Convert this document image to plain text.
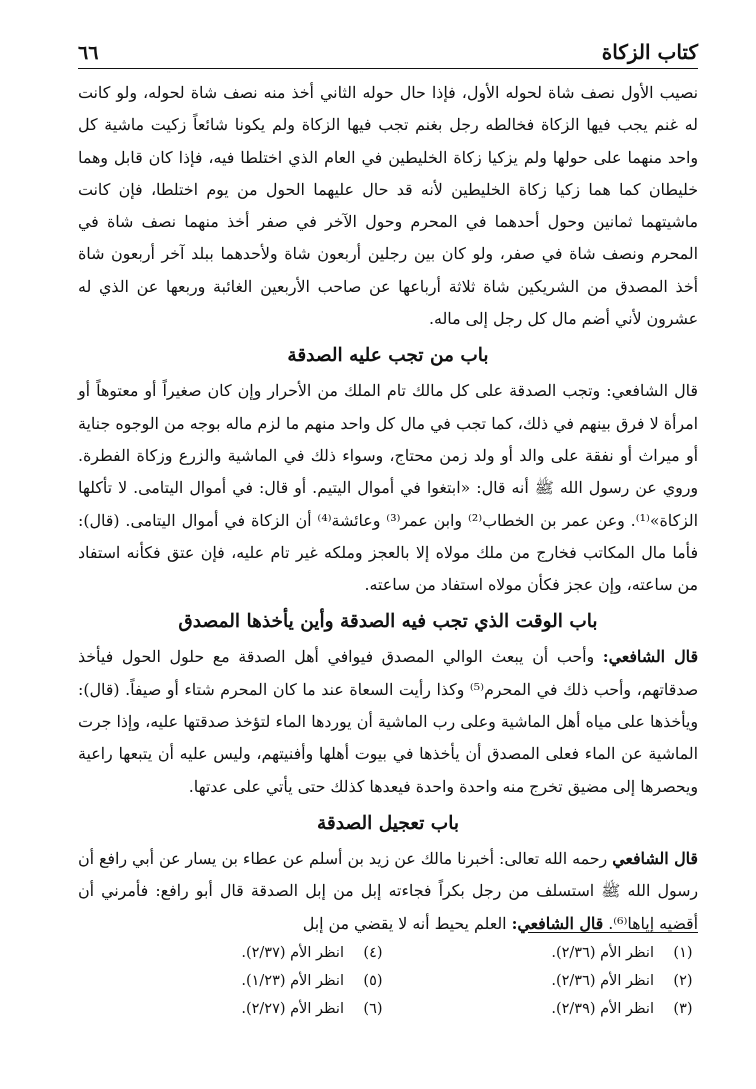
كتاب الزكاة
٦٦

نصيب الأول نصف شاة لحوله الأول، فإذا حال حوله الثاني أخذ منه نصف شاة لحوله، ولو كانت له غنم يجب فيها الزكاة فخالطه رجل بغنم تجب فيها الزكاة ولم يكونا شائعاً زكيت ماشية كل واحد منهما على حولها ولم يزكيا زكاة الخليطين في العام الذي اختلطا فيه، فإذا كان قابل وهما خليطان كما هما زكيا زكاة الخليطين لأنه قد حال عليهما الحول من يوم اختلطا، فإن كانت ماشيتهما ثمانين وحول أحدهما في المحرم وحول الآخر في صفر أخذ منهما نصف شاة في المحرم ونصف شاة في صفر، ولو كان بين رجلين أربعون شاة ولأحدهما ببلد آخر أربعون شاة أخذ المصدق من الشريكين شاة ثلاثة أرباعها عن صاحب الأربعين الغائبة وربعها عن الذي له عشرون لأني أضم مال كل رجل إلى ماله.

باب من تجب عليه الصدقة

قال الشافعي: وتجب الصدقة على كل مالك تام الملك من الأحرار وإن كان صغيراً أو معتوهاً أو امرأة لا فرق بينهم في ذلك، كما تجب في مال كل واحد منهم ما لزم ماله بوجه من الوجوه جناية أو ميراث أو نفقة على والد أو ولد زمن محتاج، وسواء ذلك في الماشية والزرع وزكاة الفطرة. وروي عن رسول الله ﷺ أنه قال: «ابتغوا في أموال اليتيم. أو قال: في أموال اليتامى. لا تأكلها الزكاة»⁽¹⁾. وعن عمر بن الخطاب⁽²⁾ وابن عمر⁽³⁾ وعائشة⁽⁴⁾ أن الزكاة في أموال اليتامى. (قال): فأما مال المكاتب فخارج من ملك مولاه إلا بالعجز وملكه غير تام عليه، فإن عتق فكأنه استفاد من ساعته، وإن عجز فكأن مولاه استفاد من ساعته.

باب الوقت الذي تجب فيه الصدقة وأين يأخذها المصدق

قال الشافعي: وأحب أن يبعث الوالي المصدق فيوافي أهل الصدقة مع حلول الحول فيأخذ صدقاتهم، وأحب ذلك في المحرم⁽⁵⁾ وكذا رأيت السعاة عند ما كان المحرم شتاء أو صيفاً. (قال): ويأخذها على مياه أهل الماشية وعلى رب الماشية أن يوردها الماء لتؤخذ صدقتها عليه، وإذا جرت الماشية عن الماء فعلى المصدق أن يأخذها في بيوت أهلها وأفنيتهم، وليس عليه أن يتبعها راعية ويحصرها إلى مضيق تخرج منه واحدة واحدة فيعدها كذلك حتى يأتي على عدتها.

باب تعجيل الصدقة

قال الشافعي رحمه الله تعالى: أخبرنا مالك عن زيد بن أسلم عن عطاء بن يسار عن أبي رافع أن رسول الله ﷺ استسلف من رجل بكراً فجاءته إبل من إبل الصدقة قال أبو رافع: فأمرني أن أقضيه إياها⁽⁶⁾. قال الشافعي: العلم يحيط أنه لا يقضي من إبل

(١)
انظر الأم (٢/٣٦).
(٢)
انظر الأم (٢/٣٦).
(٣)
انظر الأم (٢/٣٩).
(٤)
انظر الأم (٢/٣٧).
(٥)
انظر الأم (١/٢٣).
(٦)
انظر الأم (٢/٢٧).
